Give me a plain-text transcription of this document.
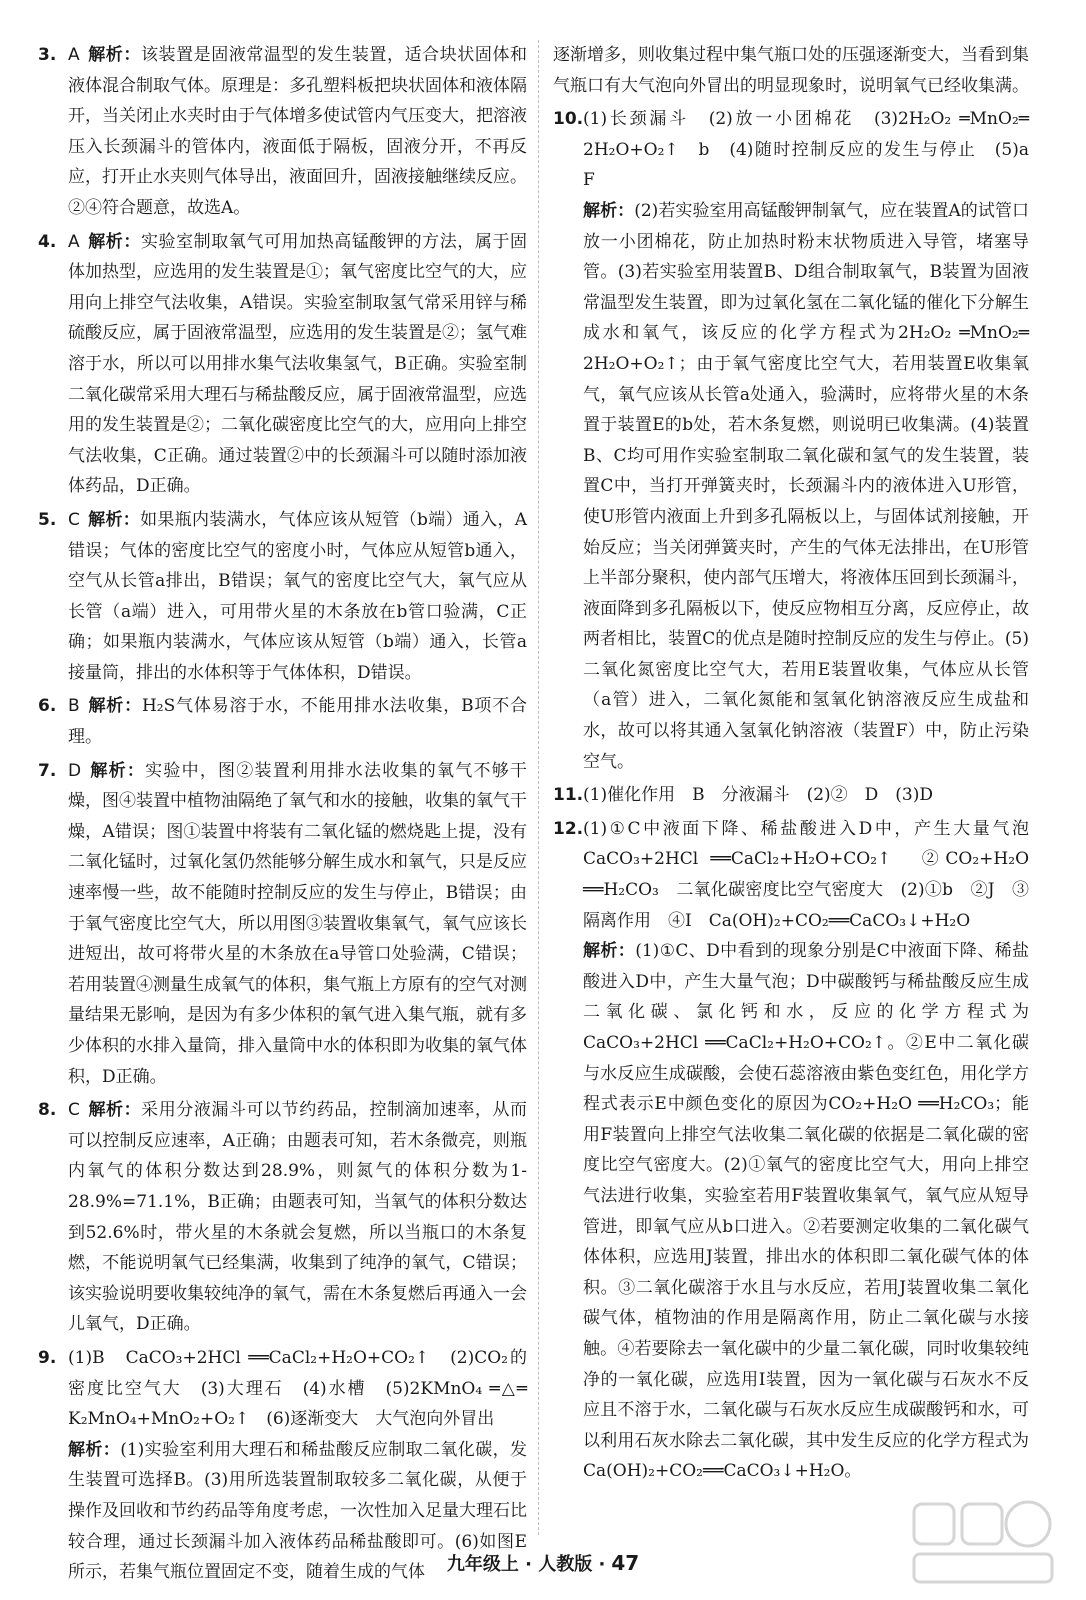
3. A 解析：该装置是固液常温型的发生装置，适合块状固体和液体混合制取气体。原理是：多孔塑料板把块状固体和液体隔开，当关闭止水夹时由于气体增多使试管内气压变大，把溶液压入长颈漏斗的管体内，液面低于隔板，固液分开，不再反应，打开止水夹则气体导出，液面回升，固液接触继续反应。②④符合题意，故选A。

4. A 解析：实验室制取氧气可用加热高锰酸钾的方法，属于固体加热型，应选用的发生装置是①；氧气密度比空气的大，应用向上排空气法收集，A错误。实验室制取氢气常采用锌与稀硫酸反应，属于固液常温型，应选用的发生装置是②；氢气难溶于水，所以可以用排水集气法收集氢气，B正确。实验室制二氧化碳常采用大理石与稀盐酸反应，属于固液常温型，应选用的发生装置是②；二氧化碳密度比空气的大，应用向上排空气法收集，C正确。通过装置②中的长颈漏斗可以随时添加液体药品，D正确。

5. C 解析：如果瓶内装满水，气体应该从短管（b端）通入，A错误；气体的密度比空气的密度小时，气体应从短管b通入，空气从长管a排出，B错误；氧气的密度比空气大，氧气应从长管（a端）进入，可用带火星的木条放在b管口验满，C正确；如果瓶内装满水，气体应该从短管（b端）通入，长管a接量筒，排出的水体积等于气体体积，D错误。

6. B 解析：H₂S气体易溶于水，不能用排水法收集，B项不合理。

7. D 解析：实验中，图②装置利用排水法收集的氧气不够干燥，图④装置中植物油隔绝了氧气和水的接触，收集的氧气干燥，A错误；图①装置中将装有二氧化锰的燃烧匙上提，没有二氧化锰时，过氧化氢仍然能够分解生成水和氧气，只是反应速率慢一些，故不能随时控制反应的发生与停止，B错误；由于氧气密度比空气大，所以用图③装置收集氧气，氧气应该长进短出，故可将带火星的木条放在a导管口处验满，C错误；若用装置④测量生成氧气的体积，集气瓶上方原有的空气对测量结果无影响，是因为有多少体积的氧气进入集气瓶，就有多少体积的水排入量筒，排入量筒中水的体积即为收集的氧气体积，D正确。

8. C 解析：采用分液漏斗可以节约药品，控制滴加速率，从而可以控制反应速率，A正确；由题表可知，若木条微亮，则瓶内氧气的体积分数达到28.9%，则氮气的体积分数为1-28.9%=71.1%，B正确；由题表可知，当氧气的体积分数达到52.6%时，带火星的木条就会复燃，所以当瓶口的木条复燃，不能说明氧气已经集满，收集到了纯净的氧气，C错误；该实验说明要收集较纯净的氧气，需在木条复燃后再通入一会儿氧气，D正确。

9. (1)B　CaCO₃+2HCl ══CaCl₂+H₂O+CO₂↑　(2)CO₂的密度比空气大　(3)大理石　(4)水槽　(5)2KMnO₄ ═△═ K₂MnO₄+MnO₂+O₂↑　(6)逐渐变大　大气泡向外冒出
解析：(1)实验室利用大理石和稀盐酸反应制取二氧化碳，发生装置可选择B。(3)用所选装置制取较多二氧化碳，从便于操作及回收和节约药品等角度考虑，一次性加入足量大理石比较合理，通过长颈漏斗加入液体药品稀盐酸即可。(6)如图E所示，若集气瓶位置固定不变，随着生成的气体

逐渐增多，则收集过程中集气瓶口处的压强逐渐变大，当看到集气瓶口有大气泡向外冒出的明显现象时，说明氧气已经收集满。

10.(1)长颈漏斗　(2)放一小团棉花　(3)2H₂O₂ ═MnO₂═ 2H₂O+O₂↑　b　(4)随时控制反应的发生与停止　(5)a　F
解析：(2)若实验室用高锰酸钾制氧气，应在装置A的试管口放一小团棉花，防止加热时粉末状物质进入导管，堵塞导管。(3)若实验室用装置B、D组合制取氧气，B装置为固液常温型发生装置，即为过氧化氢在二氧化锰的催化下分解生成水和氧气，该反应的化学方程式为2H₂O₂ ═MnO₂═ 2H₂O+O₂↑；由于氧气密度比空气大，若用装置E收集氧气，氧气应该从长管a处通入，验满时，应将带火星的木条置于装置E的b处，若木条复燃，则说明已收集满。(4)装置B、C均可用作实验室制取二氧化碳和氢气的发生装置，装置C中，当打开弹簧夹时，长颈漏斗内的液体进入U形管，使U形管内液面上升到多孔隔板以上，与固体试剂接触，开始反应；当关闭弹簧夹时，产生的气体无法排出，在U形管上半部分聚积，使内部气压增大，将液体压回到长颈漏斗，液面降到多孔隔板以下，使反应物相互分离，反应停止，故两者相比，装置C的优点是随时控制反应的发生与停止。(5)二氧化氮密度比空气大，若用E装置收集，气体应从长管（a管）进入，二氧化氮能和氢氧化钠溶液反应生成盐和水，故可以将其通入氢氧化钠溶液（装置F）中，防止污染空气。

11.(1)催化作用　B　分液漏斗　(2)②　D　(3)D

12.(1)①C中液面下降、稀盐酸进入D中，产生大量气泡　CaCO₃+2HCl ══CaCl₂+H₂O+CO₂↑　②CO₂+H₂O ══H₂CO₃　二氧化碳密度比空气密度大　(2)①b　②J　③隔离作用　④I　Ca(OH)₂+CO₂══CaCO₃↓+H₂O
解析：(1)①C、D中看到的现象分别是C中液面下降、稀盐酸进入D中，产生大量气泡；D中碳酸钙与稀盐酸反应生成二氧化碳、氯化钙和水，反应的化学方程式为CaCO₃+2HCl ══CaCl₂+H₂O+CO₂↑。②E中二氧化碳与水反应生成碳酸，会使石蕊溶液由紫色变红色，用化学方程式表示E中颜色变化的原因为CO₂+H₂O ══H₂CO₃；能用F装置向上排空气法收集二氧化碳的依据是二氧化碳的密度比空气密度大。(2)①氧气的密度比空气大，用向上排空气法进行收集，实验室若用F装置收集氧气，氧气应从短导管进，即氧气应从b口进入。②若要测定收集的二氧化碳气体体积，应选用J装置，排出水的体积即二氧化碳气体的体积。③二氧化碳溶于水且与水反应，若用J装置收集二氧化碳气体，植物油的作用是隔离作用，防止二氧化碳与水接触。④若要除去一氧化碳中的少量二氧化碳，同时收集较纯净的一氧化碳，应选用I装置，因为一氧化碳与石灰水不反应且不溶于水，二氧化碳与石灰水反应生成碳酸钙和水，可以利用石灰水除去二氧化碳，其中发生反应的化学方程式为Ca(OH)₂+CO₂══CaCO₃↓+H₂O。

九年级上 · 人教版 · 47
